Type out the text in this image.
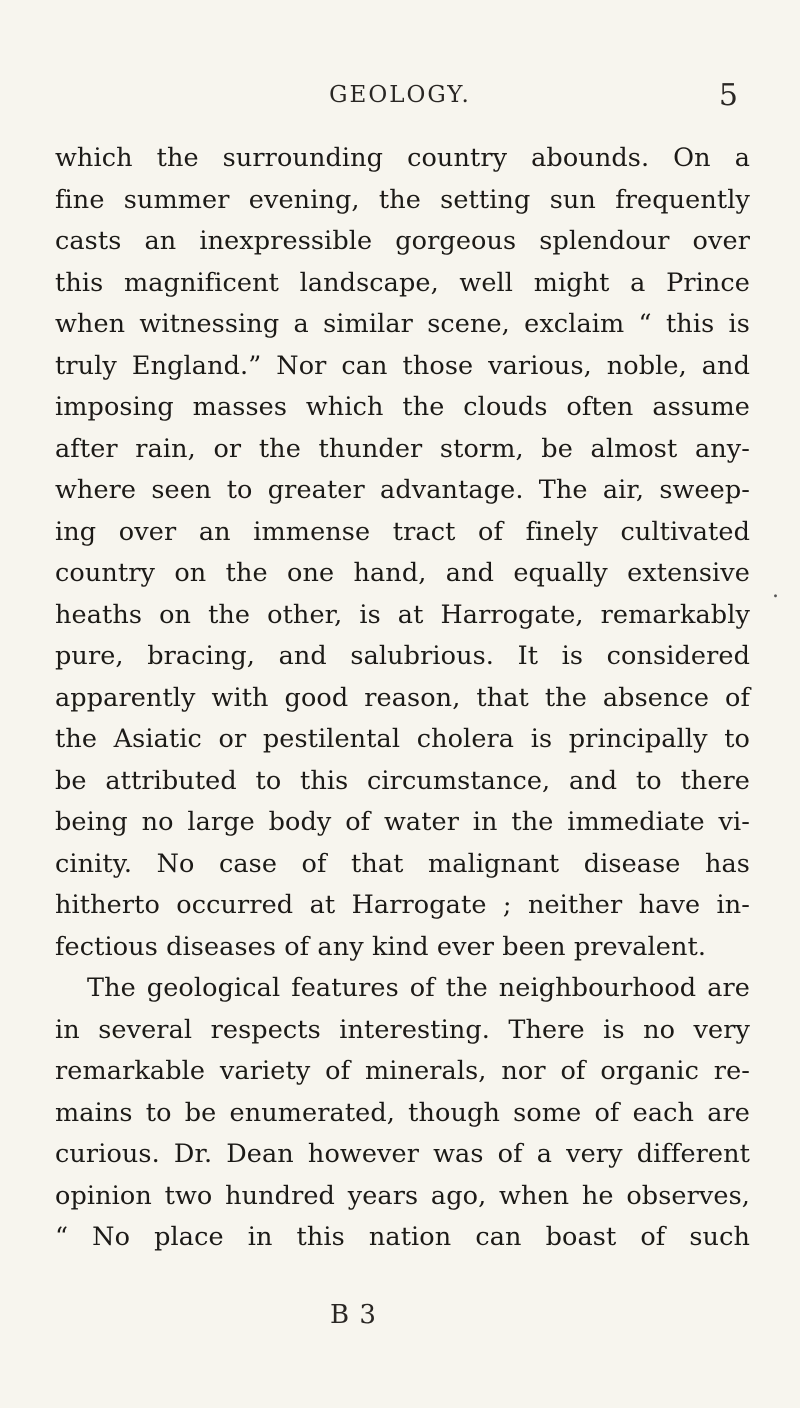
GEOLOGY.	5
which the surrounding country abounds. On a
fine summer evening, the setting sun frequently
casts an inexpressible gorgeous splendour over
this magnificent landscape, well might a Prince
when witnessing a similar scene, exclaim “ this is
truly England.” Nor can those various, noble, and
imposing masses which the clouds often assume
after rain, or the thunder storm, be almost any-
where seen to greater advantage. The air, sweep-
ing over an immense tract of finely cultivated
country on the one hand, and equally extensive
heaths on the other, is at Harrogate, remarkably
pure, bracing, and salubrious. It is considered
apparently with good reason, that the absence of
the Asiatic or pestilental cholera is principally to
be attributed to this circumstance, and to there
being no large body of water in the immediate vi-
cinity. No case of that malignant disease has
hitherto occurred at Harrogate ; neither have in-
fectious diseases of any kind ever been prevalent.
The geological features of the neighbourhood are
in several respects interesting. There is no very
remarkable variety of minerals, nor of organic re-
mains to be enumerated, though some of each are
curious. Dr. Dean however was of a very different
opinion two hundred years ago, when he observes,
“ No place in this nation can boast of such
.
B 3
